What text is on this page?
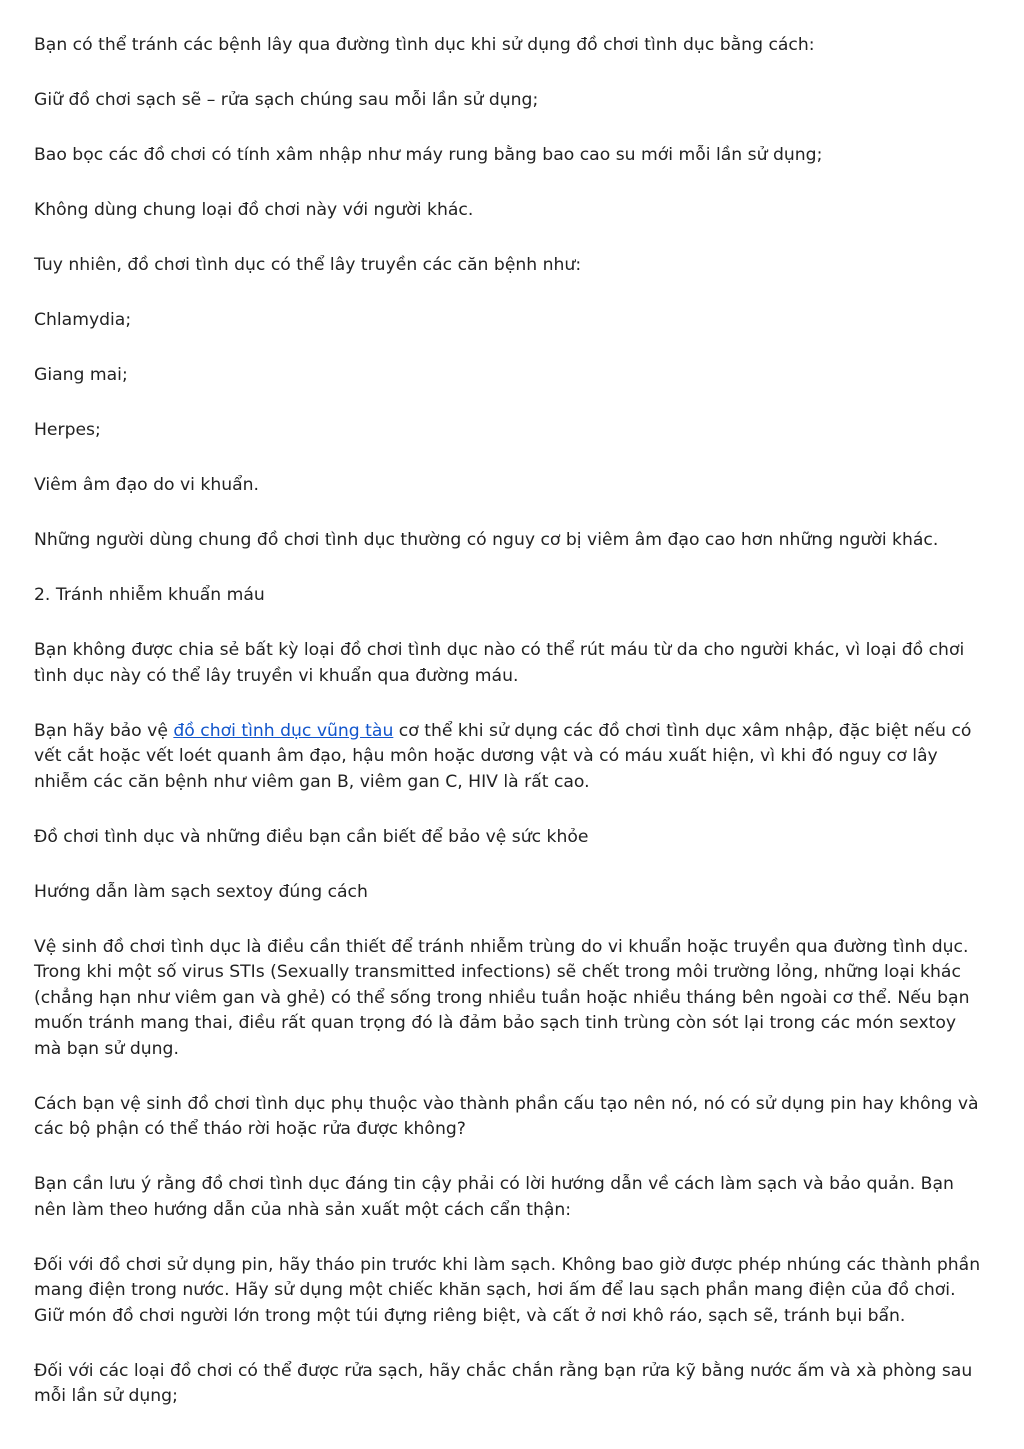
Bạn có thể tránh các bệnh lây qua đường tình dục khi sử dụng đồ chơi tình dục bằng cách:

Giữ đồ chơi sạch sẽ – rửa sạch chúng sau mỗi lần sử dụng;

Bao bọc các đồ chơi có tính xâm nhập như máy rung bằng bao cao su mới mỗi lần sử dụng;

Không dùng chung loại đồ chơi này với người khác.

Tuy nhiên, đồ chơi tình dục có thể lây truyền các căn bệnh như:

Chlamydia;

Giang mai;

Herpes;

Viêm âm đạo do vi khuẩn.

Những người dùng chung đồ chơi tình dục thường có nguy cơ bị viêm âm đạo cao hơn những người khác.

2. Tránh nhiễm khuẩn máu

Bạn không được chia sẻ bất kỳ loại đồ chơi tình dục nào có thể rút máu từ da cho người khác, vì loại đồ chơi tình dục này có thể lây truyền vi khuẩn qua đường máu.

Bạn hãy bảo vệ đồ chơi tình dục vũng tàu cơ thể khi sử dụng các đồ chơi tình dục xâm nhập, đặc biệt nếu có vết cắt hoặc vết loét quanh âm đạo, hậu môn hoặc dương vật và có máu xuất hiện, vì khi đó nguy cơ lây nhiễm các căn bệnh như viêm gan B, viêm gan C, HIV là rất cao.

Đồ chơi tình dục và những điều bạn cần biết để bảo vệ sức khỏe

Hướng dẫn làm sạch sextoy đúng cách

Vệ sinh đồ chơi tình dục là điều cần thiết để tránh nhiễm trùng do vi khuẩn hoặc truyền qua đường tình dục. Trong khi một số virus STIs (Sexually transmitted infections) sẽ chết trong môi trường lỏng, những loại khác (chẳng hạn như viêm gan và ghẻ) có thể sống trong nhiều tuần hoặc nhiều tháng bên ngoài cơ thể. Nếu bạn muốn tránh mang thai, điều rất quan trọng đó là đảm bảo sạch tinh trùng còn sót lại trong các món sextoy mà bạn sử dụng.

Cách bạn vệ sinh đồ chơi tình dục phụ thuộc vào thành phần cấu tạo nên nó, nó có sử dụng pin hay không và các bộ phận có thể tháo rời hoặc rửa được không?

Bạn cần lưu ý rằng đồ chơi tình dục đáng tin cậy phải có lời hướng dẫn về cách làm sạch và bảo quản. Bạn nên làm theo hướng dẫn của nhà sản xuất một cách cẩn thận:

Đối với đồ chơi sử dụng pin, hãy tháo pin trước khi làm sạch. Không bao giờ được phép nhúng các thành phần mang điện trong nước. Hãy sử dụng một chiếc khăn sạch, hơi ấm để lau sạch phần mang điện của đồ chơi. Giữ món đồ chơi người lớn trong một túi đựng riêng biệt, và cất ở nơi khô ráo, sạch sẽ, tránh bụi bẩn.

Đối với các loại đồ chơi có thể được rửa sạch, hãy chắc chắn rằng bạn rửa kỹ bằng nước ấm và xà phòng sau mỗi lần sử dụng;
